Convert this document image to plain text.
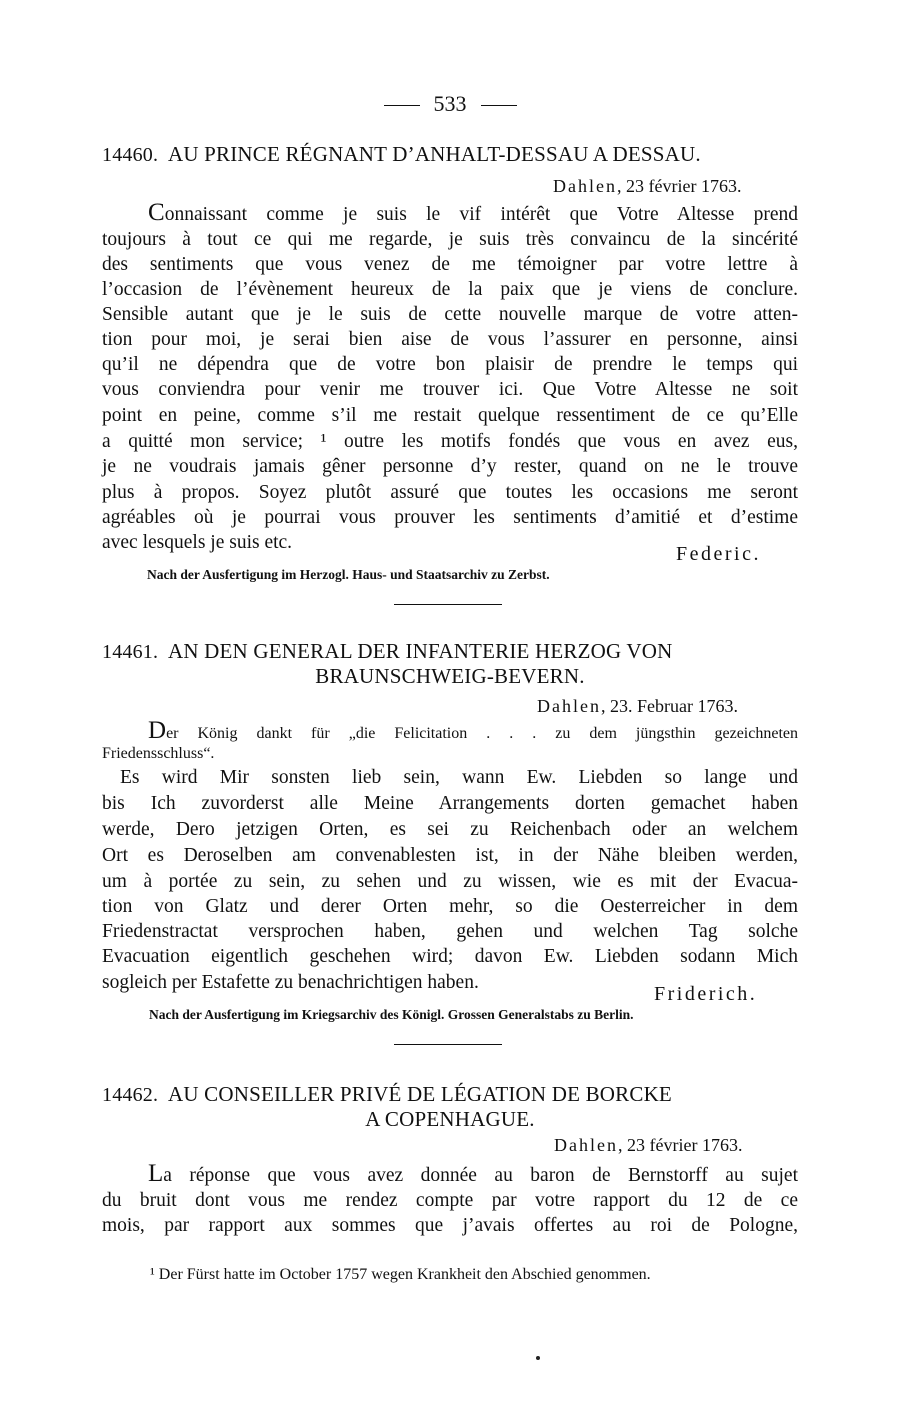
533
14460. AU PRINCE RÉGNANT D’ANHALT-DESSAU A DESSAU.
Dahlen, 23 février 1763.
Connaissant comme je suis le vif intérêt que Votre Altesse prend
toujours à tout ce qui me regarde, je suis très convaincu de la sincérité
des sentiments que vous venez de me témoigner par votre lettre à
l’occasion de l’évènement heureux de la paix que je viens de conclure.
Sensible autant que je le suis de cette nouvelle marque de votre atten-
tion pour moi, je serai bien aise de vous l’assurer en personne, ainsi
qu’il ne dépendra que de votre bon plaisir de prendre le temps qui
vous conviendra pour venir me trouver ici. Que Votre Altesse ne soit
point en peine, comme s’il me restait quelque ressentiment de ce qu’Elle
a quitté mon service; ¹ outre les motifs fondés que vous en avez eus,
je ne voudrais jamais gêner personne d’y rester, quand on ne le trouve
plus à propos. Soyez plutôt assuré que toutes les occasions me seront
agréables où je pourrai vous prouver les sentiments d’amitié et d’estime
avec lesquels je suis etc.
Federic.
Nach der Ausfertigung im Herzogl. Haus- und Staatsarchiv zu Zerbst.
14461. AN DEN GENERAL DER INFANTERIE HERZOG VON
BRAUNSCHWEIG-BEVERN.
Dahlen, 23. Februar 1763.
Der König dankt für „die Felicitation . . . zu dem jüngsthin gezeichneten
Friedensschluss“.
Es wird Mir sonsten lieb sein, wann Ew. Liebden so lange und
bis Ich zuvorderst alle Meine Arrangements dorten gemachet haben
werde, Dero jetzigen Orten, es sei zu Reichenbach oder an welchem
Ort es Deroselben am convenablesten ist, in der Nähe bleiben werden,
um à portée zu sein, zu sehen und zu wissen, wie es mit der Evacua-
tion von Glatz und derer Orten mehr, so die Oesterreicher in dem
Friedenstractat versprochen haben, gehen und welchen Tag solche
Evacuation eigentlich geschehen wird; davon Ew. Liebden sodann Mich
sogleich per Estafette zu benachrichtigen haben.
Friderich.
Nach der Ausfertigung im Kriegsarchiv des Königl. Grossen Generalstabs zu Berlin.
14462. AU CONSEILLER PRIVÉ DE LÉGATION DE BORCKE
A COPENHAGUE.
Dahlen, 23 février 1763.
La réponse que vous avez donnée au baron de Bernstorff au sujet
du bruit dont vous me rendez compte par votre rapport du 12 de ce
mois, par rapport aux sommes que j’avais offertes au roi de Pologne,
¹ Der Fürst hatte im October 1757 wegen Krankheit den Abschied genommen.
